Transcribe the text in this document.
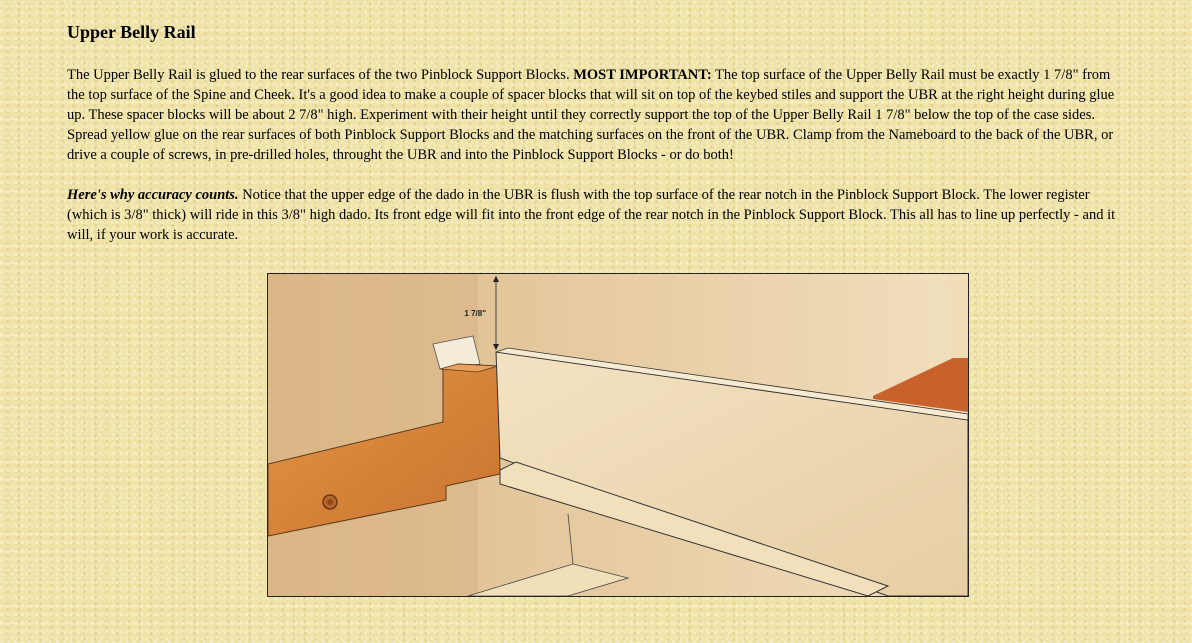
Upper Belly Rail

The Upper Belly Rail is glued to the rear surfaces of the two Pinblock Support Blocks. MOST IMPORTANT: The top surface of the Upper Belly Rail must be exactly 1 7/8" from the top surface of the Spine and Cheek. It's a good idea to make a couple of spacer blocks that will sit on top of the keybed stiles and support the UBR at the right height during glue up. These spacer blocks will be about 2 7/8" high. Experiment with their height until they correctly support the top of the Upper Belly Rail 1 7/8" below the top of the case sides. Spread yellow glue on the rear surfaces of both Pinblock Support Blocks and the matching surfaces on the front of the UBR. Clamp from the Nameboard to the back of the UBR, or drive a couple of screws, in pre-drilled holes, throught the UBR and into the Pinblock Support Blocks - or do both!

Here's why accuracy counts. Notice that the upper edge of the dado in the UBR is flush with the top surface of the rear notch in the Pinblock Support Block. The lower register (which is 3/8" thick) will ride in this 3/8" high dado. Its front edge will fit into the front edge of the rear notch in the Pinblock Support Block. This all has to line up perfectly - and it will, if your work is accurate.

1 7/8"
